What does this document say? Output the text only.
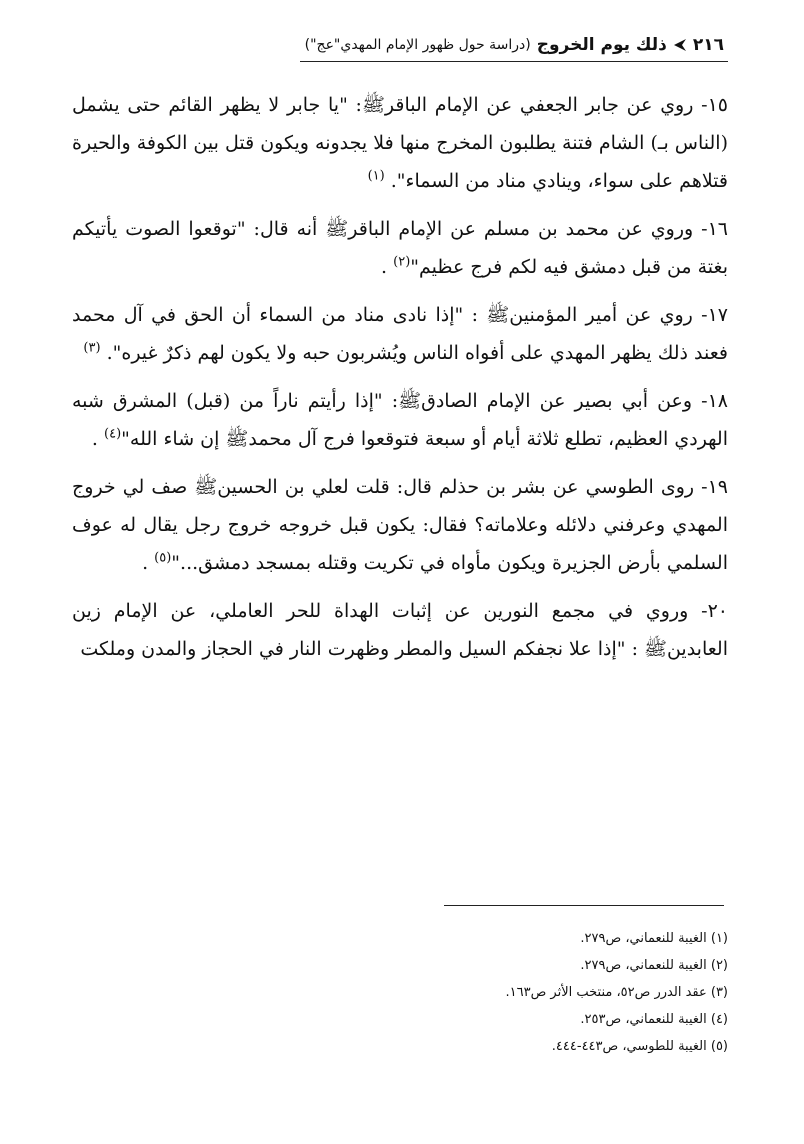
٢١٦
ذلك يوم الخروج
(دراسة حول ظهور الإمام المهدي"عج")

١٥- روي عن جابر الجعفي عن الإمام الباقرﷺ: "يا جابر لا يظهر القائم حتى يشمل (الناس بـ) الشام فتنة يطلبون المخرج منها فلا يجدونه ويكون قتل بين الكوفة والحيرة قتلاهم على سواء، وينادي مناد من السماء". $^{(١)}$

١٦- وروي عن محمد بن مسلم عن الإمام الباقرﷺ أنه قال: "توقعوا الصوت يأتيكم بغتة من قبل دمشق فيه لكم فرج عظيم"$^{(٢)}$ .

١٧- روي عن أمير المؤمنينﷺ : "إذا نادى مناد من السماء أن الحق في آل محمد فعند ذلك يظهر المهدي على أفواه الناس ويُشربون حبه ولا يكون لهم ذكرٌ غيره". $^{(٣)}$

١٨- وعن أبي بصير عن الإمام الصادقﷺ: "إذا رأيتم ناراً من (قبل) المشرق شبه الهردي العظيم، تطلع ثلاثة أيام أو سبعة فتوقعوا فرج آل محمدﷺ إن شاء الله"$^{(٤)}$ .

١٩- روى الطوسي عن بشر بن حذلم قال: قلت لعلي بن الحسينﷺ صف لي خروج المهدي وعرفني دلائله وعلاماته؟ فقال: يكون قبل خروجه خروج رجل يقال له عوف السلمي بأرض الجزيرة ويكون مأواه في تكريت وقتله بمسجد دمشق..."$^{(٥)}$ .

٢٠- وروي في مجمع النورين عن إثبات الهداة للحر العاملي، عن الإمام زين العابدينﷺ : "إذا علا نجفكم السيل والمطر وظهرت النار في الحجاز والمدن وملكت

(١) الغيبة للنعماني، ص٢٧٩.

(٢) الغيبة للنعماني، ص٢٧٩.

(٣) عقد الدرر ص٥٢، منتخب الأثر ص١٦٣.

(٤) الغيبة للنعماني، ص٢٥٣.

(٥) الغيبة للطوسي، ص٤٤٣-٤٤٤.
